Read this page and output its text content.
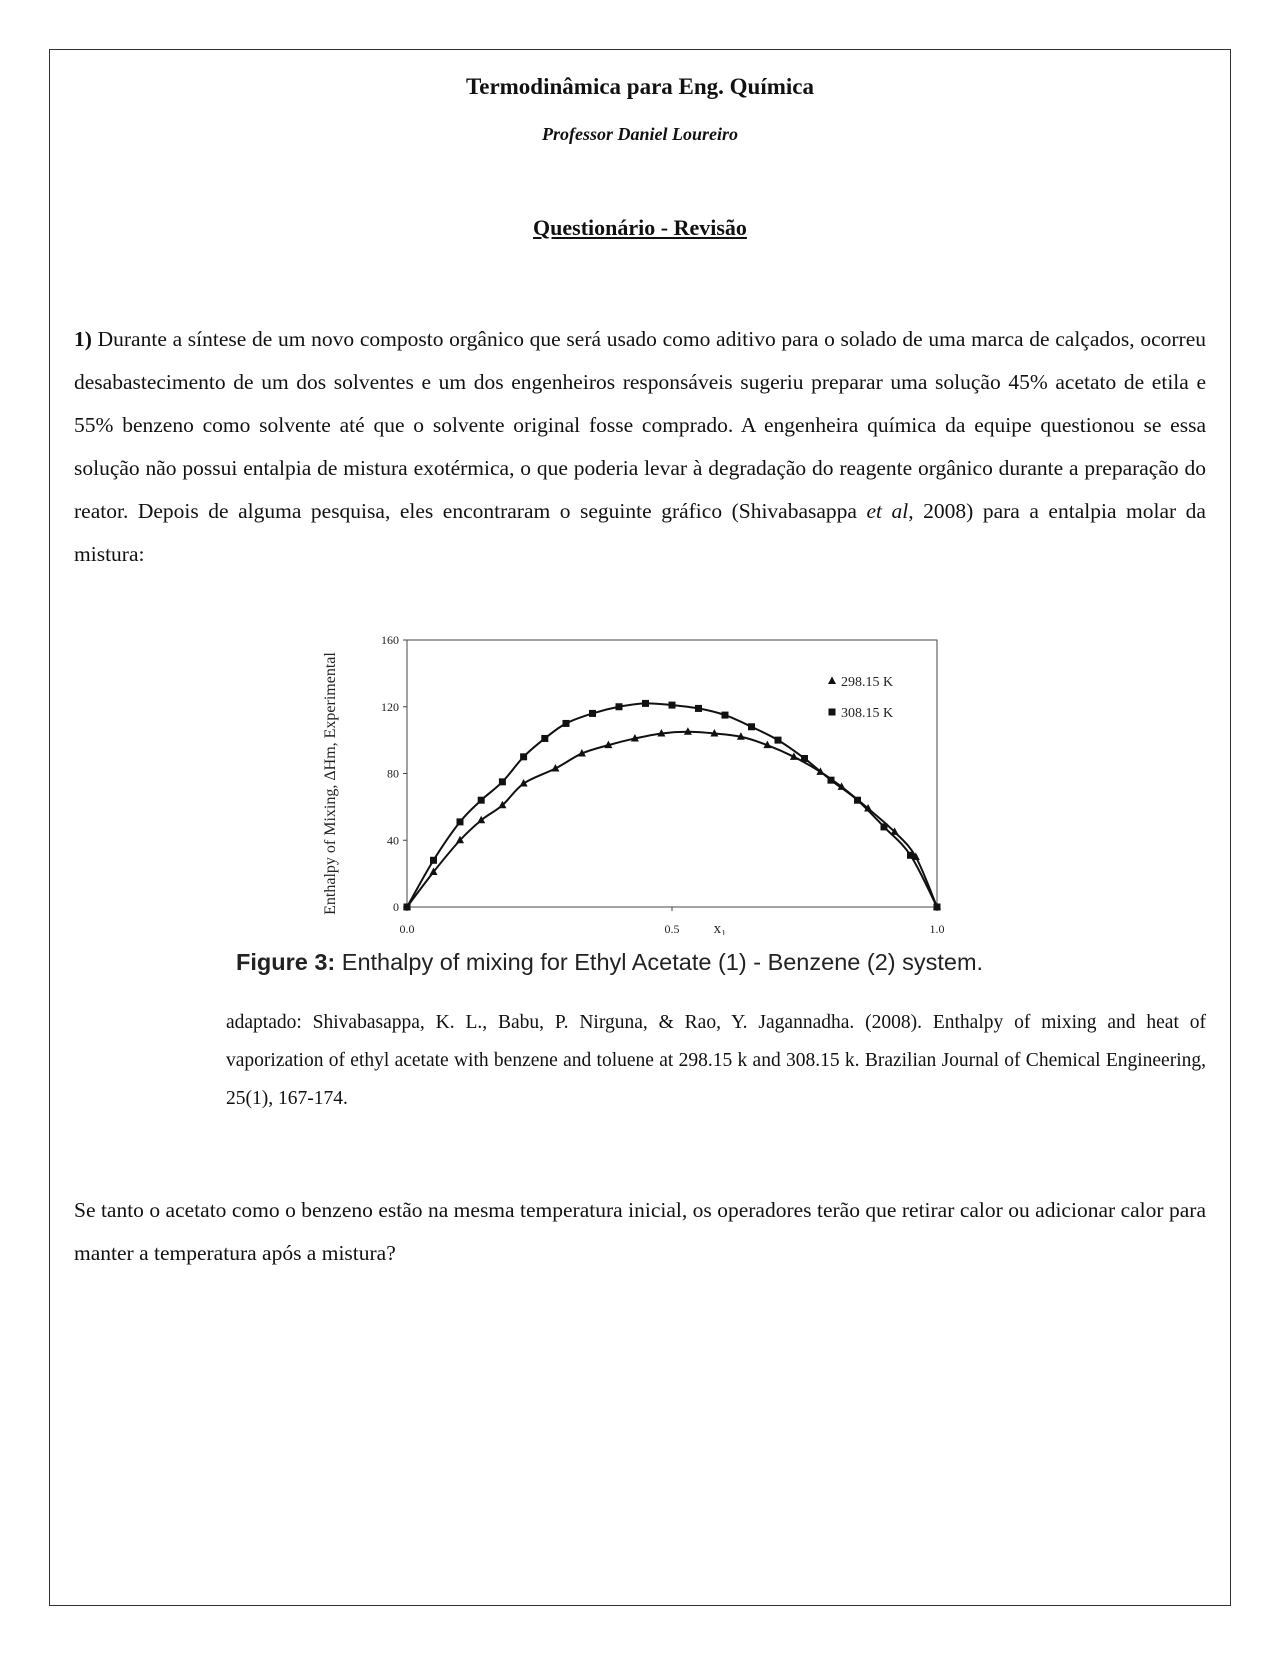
Termodinâmica para Eng. Química
Professor Daniel Loureiro
Questionário - Revisão

1) Durante a síntese de um novo composto orgânico que será usado como aditivo para o solado de uma marca de calçados, ocorreu desabastecimento de um dos solventes e um dos engenheiros responsáveis sugeriu preparar uma solução 45% acetato de etila e 55% benzeno como solvente até que o solvente original fosse comprado. A engenheira química da equipe questionou se essa solução não possui entalpia de mistura exotérmica, o que poderia levar à degradação do reagente orgânico durante a preparação do reator. Depois de alguma pesquisa, eles encontraram o seguinte gráfico (Shivabasappa et al, 2008) para a entalpia molar da mistura:

0
40
80
120
160
0.0	0.5	1.0
x₁
Enthalpy of Mixing, ΔHm, Experimental	298.15 K
308.15 K
Figure 3: Enthalpy of mixing for Ethyl Acetate (1) - Benzene (2) system.

adaptado: Shivabasappa, K. L., Babu, P. Nirguna, & Rao, Y. Jagannadha. (2008). Enthalpy of mixing and heat of vaporization of ethyl acetate with benzene and toluene at 298.15 k and 308.15 k. Brazilian Journal of Chemical Engineering, 25(1), 167-174.

Se tanto o acetato como o benzeno estão na mesma temperatura inicial, os operadores terão que retirar calor ou adicionar calor para manter a temperatura após a mistura?
